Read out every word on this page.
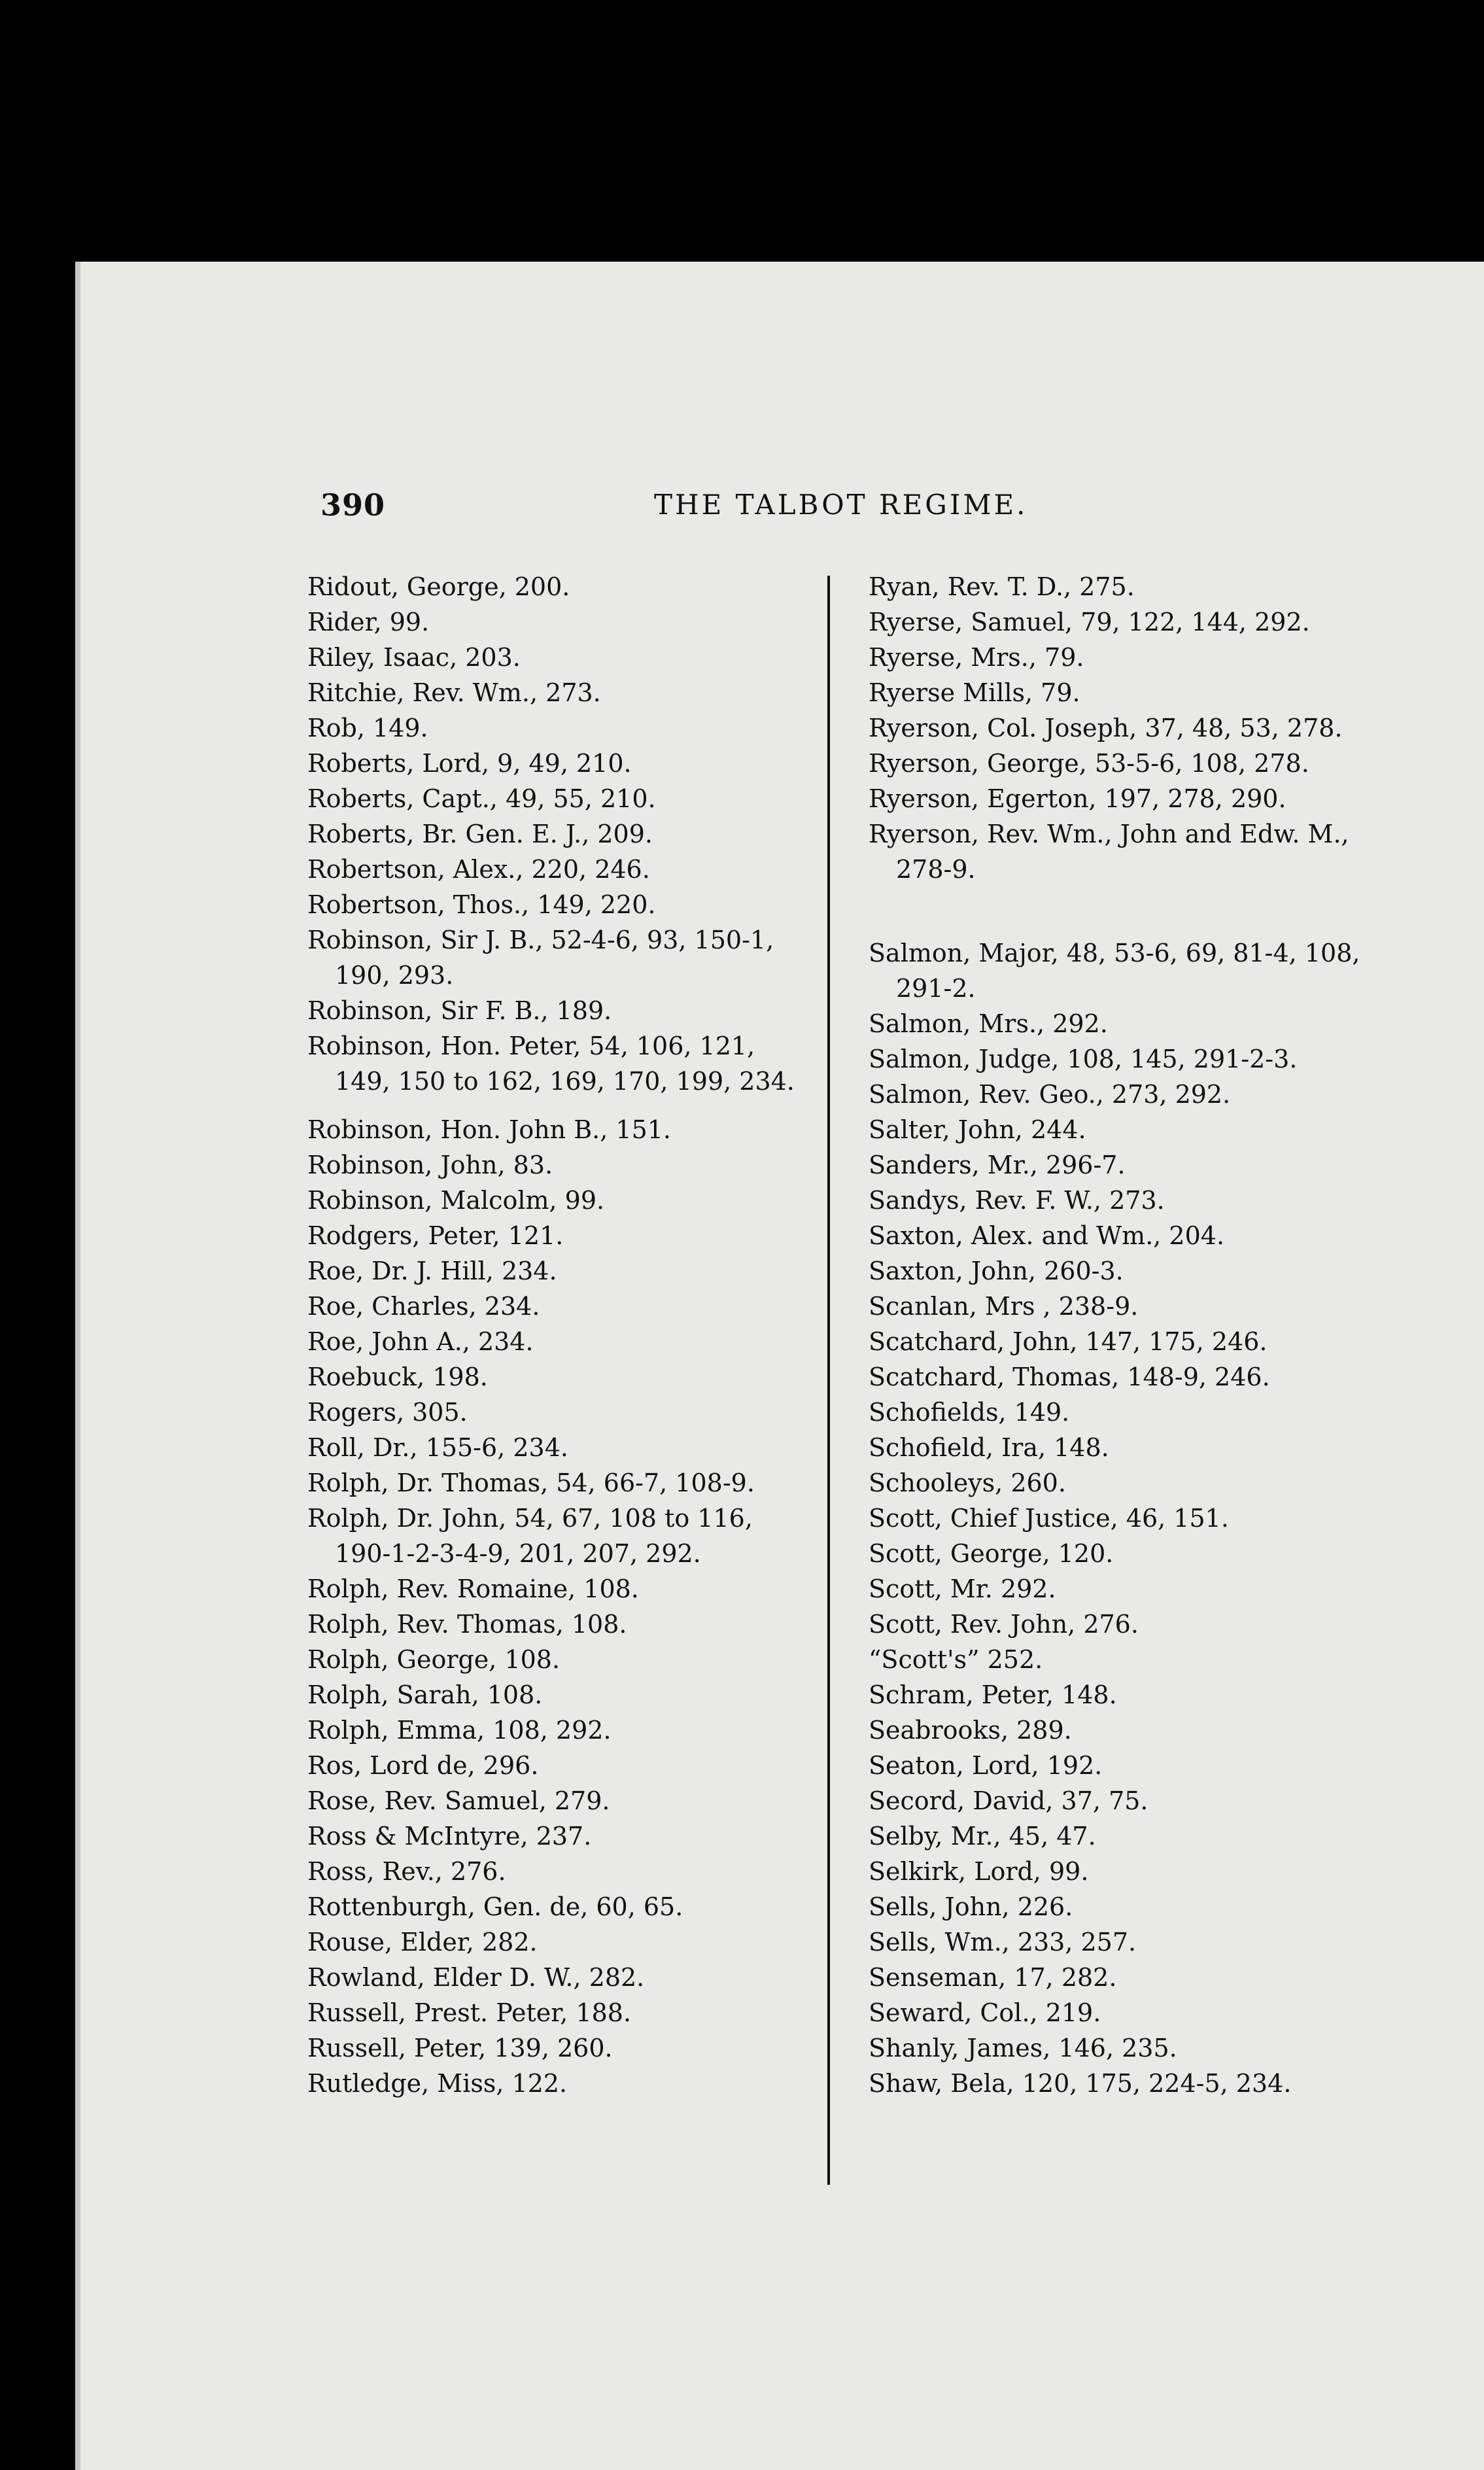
390	THE TALBOT REGIME.

Ridout, George, 200.

Rider, 99.

Riley, Isaac, 203.

Ritchie, Rev. Wm., 273.

Rob, 149.

Roberts, Lord, 9, 49, 210.

Roberts, Capt., 49, 55, 210.

Roberts, Br. Gen. E. J., 209.

Robertson, Alex., 220, 246.

Robertson, Thos., 149, 220.

Robinson, Sir J. B., 52-4-6, 93, 150-1, 190, 293.

Robinson, Sir F. B., 189.

Robinson, Hon. Peter, 54, 106, 121, 149, 150 to 162, 169, 170, 199, 234.

Robinson, Hon. John B., 151.

Robinson, John, 83.

Robinson, Malcolm, 99.

Rodgers, Peter, 121.

Roe, Dr. J. Hill, 234.

Roe, Charles, 234.

Roe, John A., 234.

Roebuck, 198.

Rogers, 305.

Roll, Dr., 155-6, 234.

Rolph, Dr. Thomas, 54, 66-7, 108-9.

Rolph, Dr. John, 54, 67, 108 to 116, 190-1-2-3-4-9, 201, 207, 292.

Rolph, Rev. Romaine, 108.

Rolph, Rev. Thomas, 108.

Rolph, George, 108.

Rolph, Sarah, 108.

Rolph, Emma, 108, 292.

Ros, Lord de, 296.

Rose, Rev. Samuel, 279.

Ross & McIntyre, 237.

Ross, Rev., 276.

Rottenburgh, Gen. de, 60, 65.

Rouse, Elder, 282.

Rowland, Elder D. W., 282.

Russell, Prest. Peter, 188.

Russell, Peter, 139, 260.

Rutledge, Miss, 122.

Ryan, Rev. T. D., 275.

Ryerse, Samuel, 79, 122, 144, 292.

Ryerse, Mrs., 79.

Ryerse Mills, 79.

Ryerson, Col. Joseph, 37, 48, 53, 278.

Ryerson, George, 53-5-6, 108, 278.

Ryerson, Egerton, 197, 278, 290.

Ryerson, Rev. Wm., John and Edw. M., 278-9.

Salmon, Major, 48, 53-6, 69, 81-4, 108, 291-2.

Salmon, Mrs., 292.

Salmon, Judge, 108, 145, 291-2-3.

Salmon, Rev. Geo., 273, 292.

Salter, John, 244.

Sanders, Mr., 296-7.

Sandys, Rev. F. W., 273.

Saxton, Alex. and Wm., 204.

Saxton, John, 260-3.

Scanlan, Mrs , 238-9.

Scatchard, John, 147, 175, 246.

Scatchard, Thomas, 148-9, 246.

Schofields, 149.

Schofield, Ira, 148.

Schooleys, 260.

Scott, Chief Justice, 46, 151.

Scott, George, 120.

Scott, Mr. 292.

Scott, Rev. John, 276.

“Scott's” 252.

Schram, Peter, 148.

Seabrooks, 289.

Seaton, Lord, 192.

Secord, David, 37, 75.

Selby, Mr., 45, 47.

Selkirk, Lord, 99.

Sells, John, 226.

Sells, Wm., 233, 257.

Senseman, 17, 282.

Seward, Col., 219.

Shanly, James, 146, 235.

Shaw, Bela, 120, 175, 224-5, 234.
